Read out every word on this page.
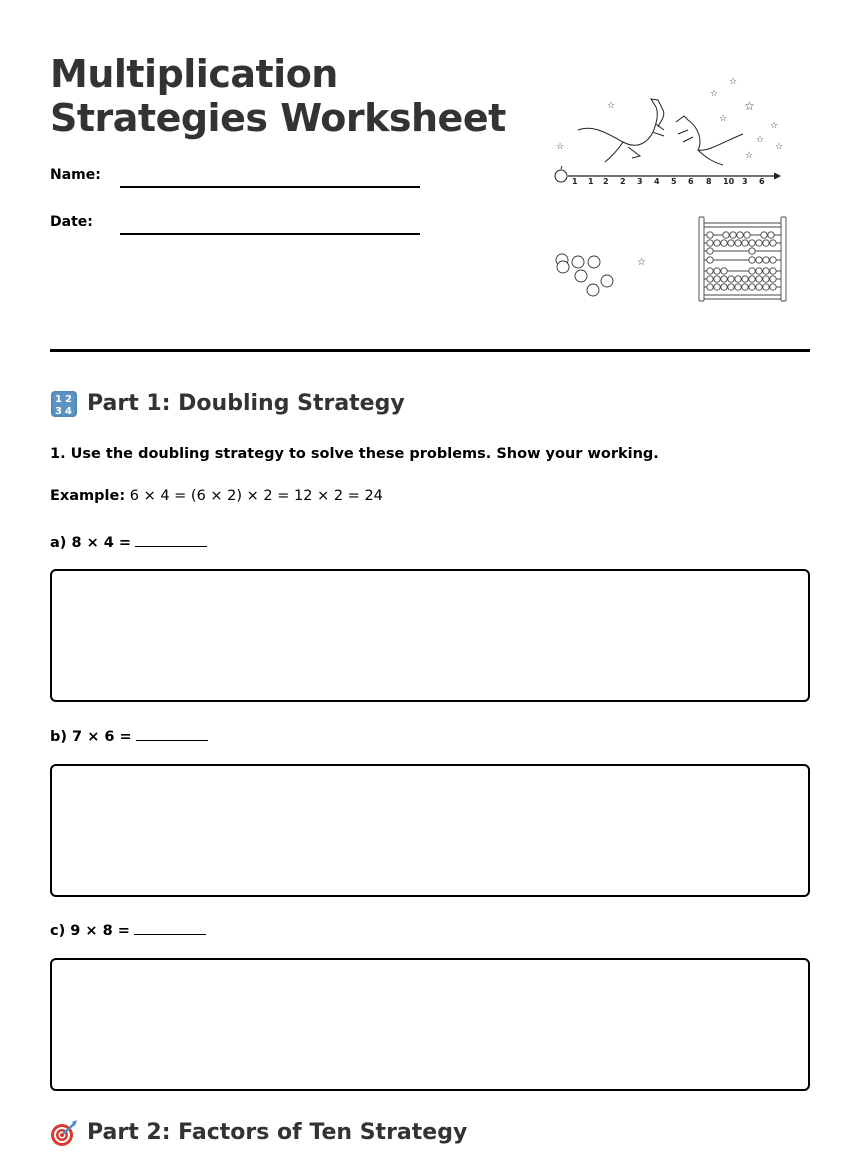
Multiplication
Strategies Worksheet
Name:
Date:
☆
☆
☆
☆
☆
☆
☆
☆
☆
☆
1 1 2 2 3 4 5 6 8 10 3 6
☆
1 2
3 4 Part 1: Doubling Strategy
1. Use the doubling strategy to solve these problems. Show your working.
Example: 6 × 4 = (6 × 2) × 2 = 12 × 2 = 24
a) 8 × 4 =
b) 7 × 6 =
c) 9 × 8 =
Part 2: Factors of Ten Strategy
